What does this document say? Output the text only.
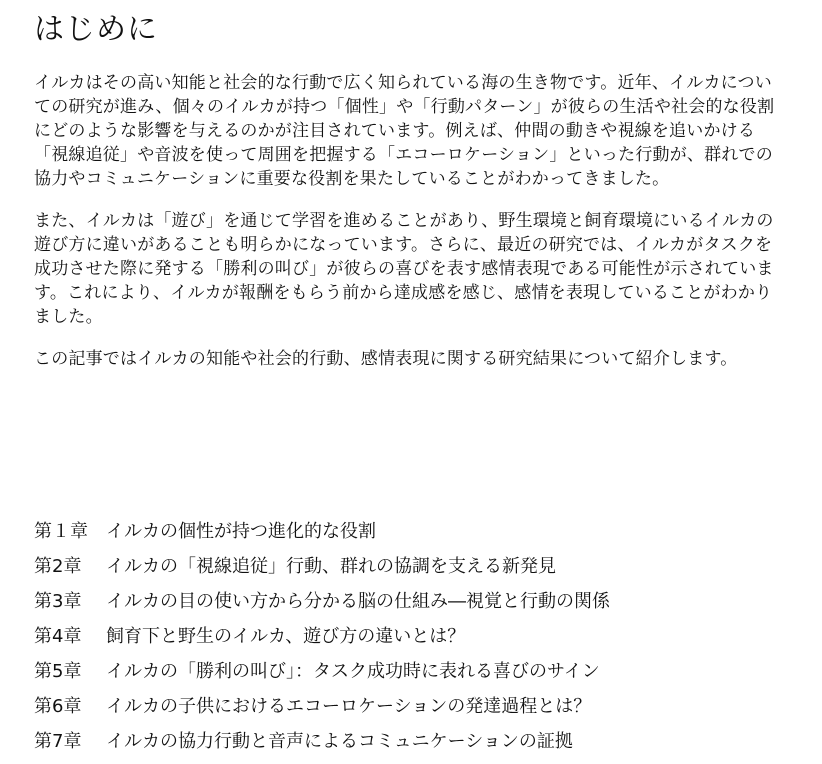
はじめに

イルカはその高い知能と社会的な行動で広く知られている海の生き物です。近年、イルカについての研究が進み、個々のイルカが持つ「個性」や「行動パターン」が彼らの生活や社会的な役割にどのような影響を与えるのかが注目されています。例えば、仲間の動きや視線を追いかける「視線追従」や音波を使って周囲を把握する「エコーロケーション」といった行動が、群れでの協力やコミュニケーションに重要な役割を果たしていることがわかってきました。

また、イルカは「遊び」を通じて学習を進めることがあり、野生環境と飼育環境にいるイルカの遊び方に違いがあることも明らかになっています。さらに、最近の研究では、イルカがタスクを成功させた際に発する「勝利の叫び」が彼らの喜びを表す感情表現である可能性が示されています。これにより、イルカが報酬をもらう前から達成感を感じ、感情を表現していることがわかりました。

この記事ではイルカの知能や社会的行動、感情表現に関する研究結果について紹介します。

第１章 イルカの個性が持つ進化的な役割
第2章 イルカの「視線追従」行動、群れの協調を支える新発見
第3章 イルカの目の使い方から分かる脳の仕組み―視覚と行動の関係
第4章 飼育下と野生のイルカ、遊び方の違いとは？
第5章 イルカの「勝利の叫び」：タスク成功時に表れる喜びのサイン
第6章 イルカの子供におけるエコーロケーションの発達過程とは？
第7章 イルカの協力行動と音声によるコミュニケーションの証拠
